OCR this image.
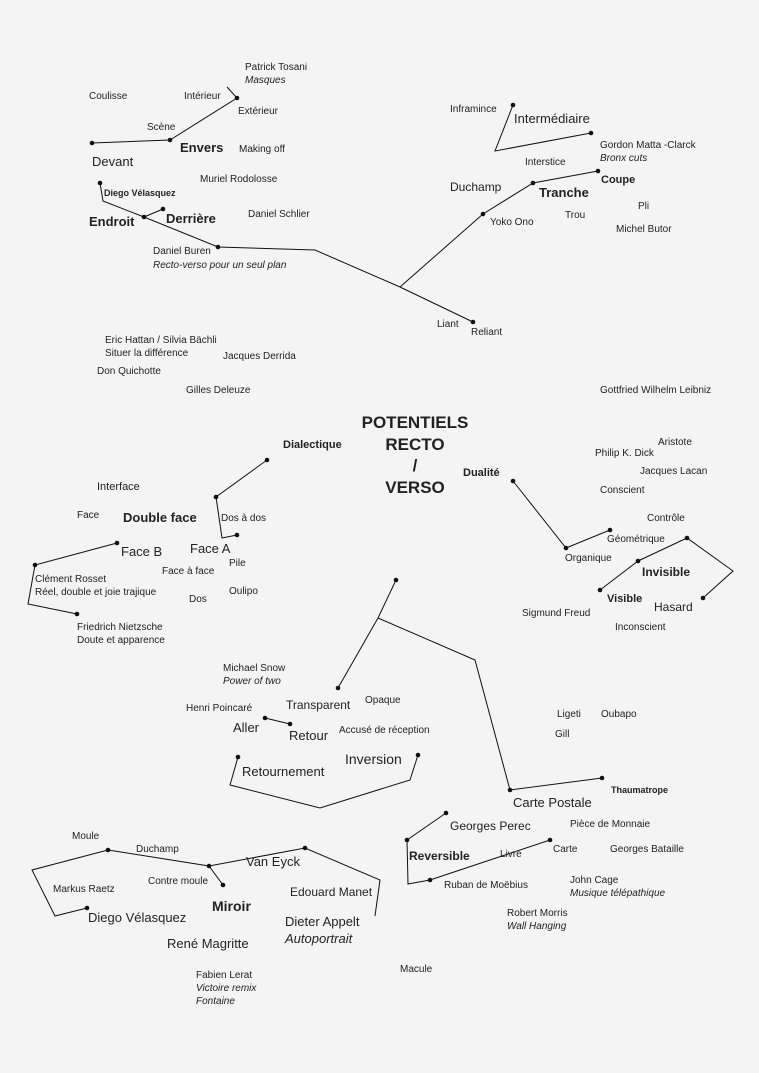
POTENTIELS
RECTO
/
VERSO
Patrick Tosani
Masques
Coulisse	Intérieur
Extérieur
Scène
Devant
Envers Making off
Muriel Rodolosse
Diego Vélasquez
Endroit Derrière	Daniel Schlier
Daniel Buren
Recto-verso pour un seul plan
Inframince
Intermédiaire
Gordon Matta -Clarck
Bronx cuts
Interstice
Coupe
Duchamp	Tranche
Pli
Yoko Ono
Trou
Michel Butor
Liant
Reliant
Eric Hattan / Silvia Bächli
Situer la différence	Jacques Derrida
Don Quichotte
Gilles Deleuze	Gottfried Wilhelm Leibniz
Dialectique
Interface
Face Double face Dos à dos
Face B Face A
Face à face
Pile
Clément Rosset
Réel, double et joie trajique	Oulipo
Dos
Friedrich Nietzsche
Doute et apparence
Aristote
Philip K. Dick
Jacques Lacan
Dualité
Conscient
Contrôle
Géométrique
Organique
Invisible
Visible
Hasard
Sigmund Freud
Inconscient
Michael Snow
Power of two
Opaque
Henri Poincaré	Transparent
Ligeti Oubapo
Aller	Accusé de réception
Retour	Gill
Inversion
Retournement
Thaumatrope
Carte Postale
Georges Perec	Pièce de Monnaie
Reversible	Livre	Carte	Georges Bataille
Ruban de Moëbius	John Cage
Musique télépathique
Robert Morris
Wall Hanging
Macule
Moule
Duchamp
Van Eyck
Contre moule
Markus Raetz	Edouard Manet
Miroir
Diego Vélasquez	Dieter Appelt
Autoportrait
René Magritte
Fabien Lerat
Victoire remix
Fontaine
